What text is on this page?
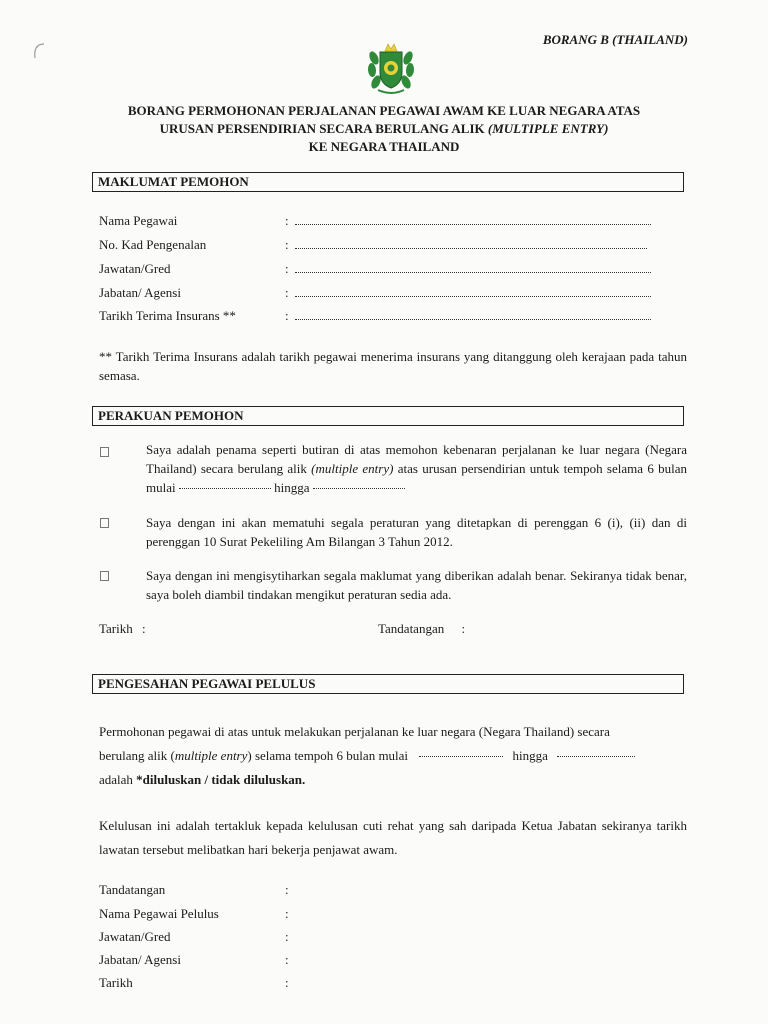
BORANG B (THAILAND)
BORANG PERMOHONAN PERJALANAN PEGAWAI AWAM KE LUAR NEGARA ATAS
URUSAN PERSENDIRIAN SECARA BERULANG ALIK (MULTIPLE ENTRY)
KE NEGARA THAILAND
MAKLUMAT PEMOHON
Nama Pegawai	:
No. Kad Pengenalan	:
Jawatan/Gred	:
Jabatan/ Agensi	:
Tarikh Terima Insurans **	:
** Tarikh Terima Insurans adalah tarikh pegawai menerima insurans yang ditanggung oleh kerajaan pada tahun semasa.
PERAKUAN PEMOHON
Saya adalah penama seperti butiran di atas memohon kebenaran perjalanan ke luar negara (Negara Thailand) secara berulang alik (multiple entry) atas urusan persendirian untuk tempoh selama 6 bulan mulai	hingga
Saya dengan ini akan mematuhi segala peraturan yang ditetapkan di perenggan 6 (i), (ii) dan di perenggan 10 Surat Pekeliling Am Bilangan 3 Tahun 2012.
Saya dengan ini mengisytiharkan segala maklumat yang diberikan adalah benar. Sekiranya tidak benar, saya boleh diambil tindakan mengikut peraturan sedia ada.
Tarikh :	Tandatangan :
PENGESAHAN PEGAWAI PELULUS
Permohonan pegawai di atas untuk melakukan perjalanan ke luar negara (Negara Thailand) secara
berulang alik (multiple entry) selama tempoh 6 bulan mulai	hingga
adalah *diluluskan / tidak diluluskan.
Kelulusan ini adalah tertakluk kepada kelulusan cuti rehat yang sah daripada Ketua Jabatan sekiranya tarikh lawatan tersebut melibatkan hari bekerja penjawat awam.
Tandatangan	:
Nama Pegawai Pelulus	:
Jawatan/Gred	:
Jabatan/ Agensi	:
Tarikh	:
